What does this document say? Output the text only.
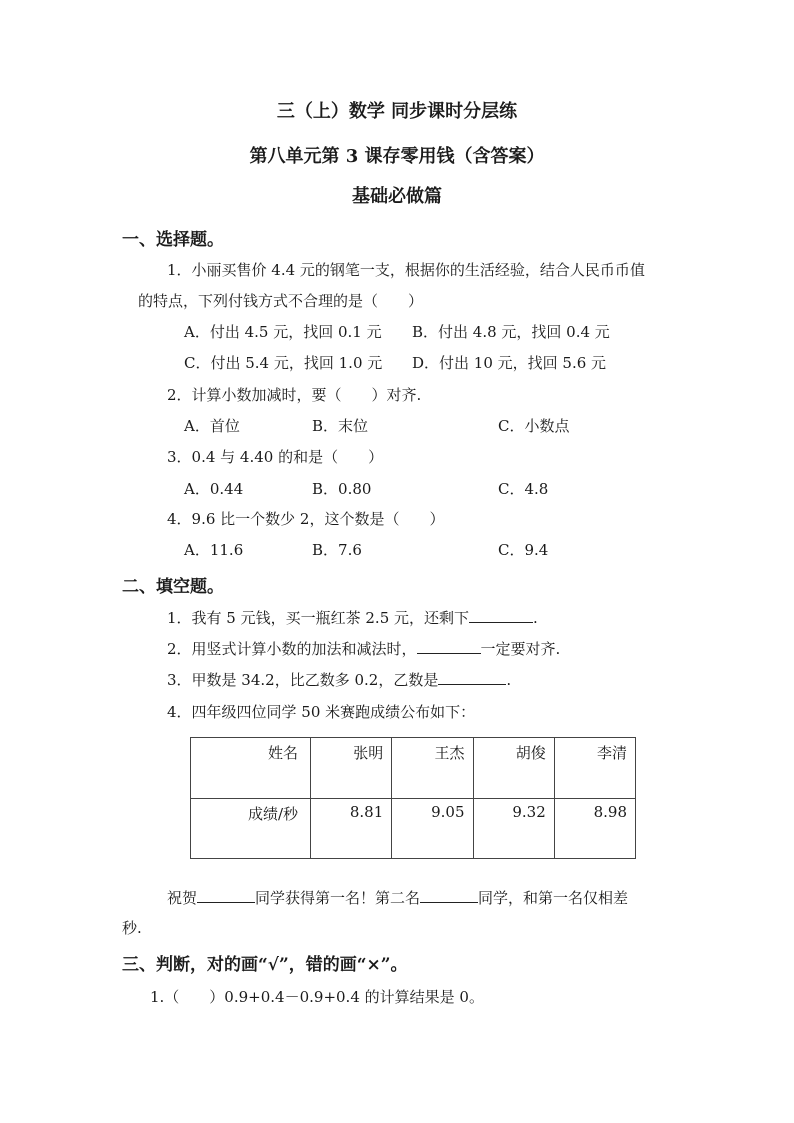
三（上）数学 同步课时分层练
第八单元第 3 课存零用钱（含答案）
基础必做篇
一、选择题。
1．小丽买售价 4.4 元的钢笔一支，根据你的生活经验，结合人民币币值
的特点，下列付钱方式不合理的是（　　）
A．付出 4.5 元，找回 0.1 元 B．付出 4.8 元，找回 0.4 元
C．付出 5.4 元，找回 1.0 元 D．付出 10 元，找回 5.6 元
2．计算小数加减时，要（　　）对齐.
A．首位	B．末位	C．小数点
3．0.4 与 4.40 的和是（　　）
A．0.44	B．0.80	C．4.8
4．9.6 比一个数少 2，这个数是（　　）
A．11.6	B．7.6	C．9.4
二、填空题。
1．我有 5 元钱，买一瓶红茶 2.5 元，还剩下	.
2．用竖式计算小数的加法和减法时，	一定要对齐.
3．甲数是 34.2，比乙数多 0.2，乙数是	.
4．四年级四位同学 50 米赛跑成绩公布如下：
姓名	张明	王杰	胡俊	李清
成绩/秒	8.81	9.05	9.32	8.98
祝贺	同学获得第一名！第二名	同学，和第一名仅相差
秒.
三、判断，对的画“√”，错的画“×”。
1.（　　）0.9+0.4－0.9+0.4 的计算结果是 0。
